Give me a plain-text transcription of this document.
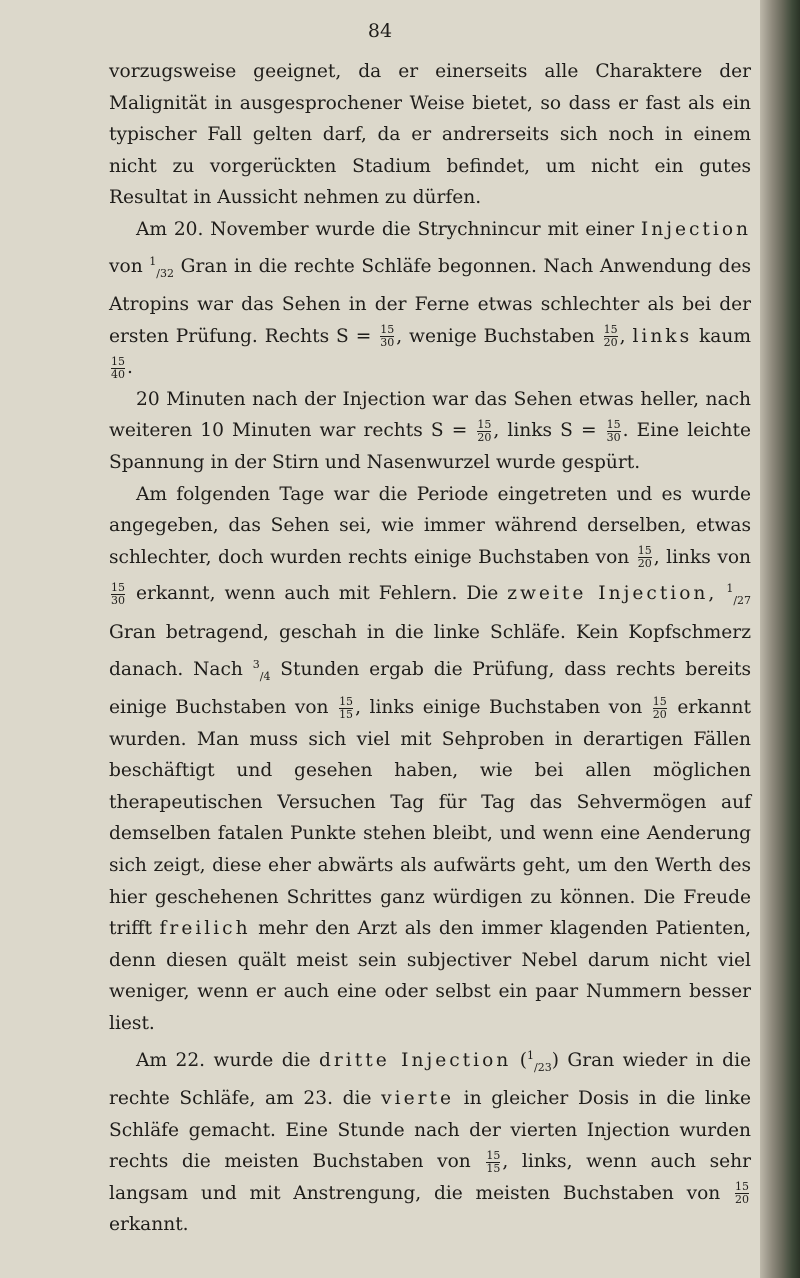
84

vorzugsweise geeignet, da er einerseits alle Charaktere der Malignität in ausgesprochener Weise bietet, so dass er fast als ein typischer Fall gelten darf, da er andrerseits sich noch in einem nicht zu vorgerückten Stadium befindet, um nicht ein gutes Resultat in Aussicht nehmen zu dürfen.

Am 20. November wurde die Strychnincur mit einer Injection von $^1_{/32}$ Gran in die rechte Schläfe begonnen. Nach Anwendung des Atropins war das Sehen in der Ferne etwas schlechter als bei der ersten Prüfung. Rechts $S = \frac{15}{30}$ , wenige Buchstaben $\frac{15}{20}$ , links kaum
$\frac{15}{40}$ .

20 Minuten nach der Injection war das Sehen etwas heller, nach weiteren 10 Minuten war rechts $S = \frac{15}{20}$ , links $S = \frac{15}{30}$ . Eine leichte Spannung in der Stirn und Nasenwurzel wurde gespürt.

Am folgenden Tage war die Periode eingetreten und es wurde angegeben, das Sehen sei, wie immer während derselben, etwas schlechter, doch wurden rechts einige Buchstaben von $\frac{15}{20}$ , links von
$\frac{15}{30}$ erkannt, wenn auch mit Fehlern. Die zweite Injection, $^1_{/27}$ Gran betragend, geschah in die linke Schläfe. Kein Kopfschmerz danach. Nach $^3_{/4}$ Stunden ergab die Prüfung, dass rechts bereits einige Buchstaben von $\frac{15}{15}$ , links einige Buchstaben von $\frac{15}{20}$ erkannt wurden. Man muss sich viel mit Sehproben in derartigen Fällen beschäftigt und gesehen haben, wie bei allen möglichen therapeutischen Versuchen Tag für Tag das Sehvermögen auf demselben fatalen Punkte stehen bleibt, und wenn eine Aenderung sich zeigt, diese eher abwärts als aufwärts geht, um den Werth des hier geschehenen Schrittes ganz würdigen zu können. Die Freude trifft freilich mehr den Arzt als den immer klagenden Patienten, denn diesen quält meist sein subjectiver Nebel darum nicht viel weniger, wenn er auch eine oder selbst ein paar Nummern besser liest.

Am 22. wurde die dritte Injection ($^1_{/23}$) Gran wieder in die rechte Schläfe, am 23. die vierte in gleicher Dosis in die linke Schläfe gemacht. Eine Stunde nach der vierten Injection wurden rechts die meisten Buchstaben von $\frac{15}{15}$ , links, wenn auch sehr langsam und mit Anstrengung, die meisten Buchstaben von $\frac{15}{20}$
erkannt.
